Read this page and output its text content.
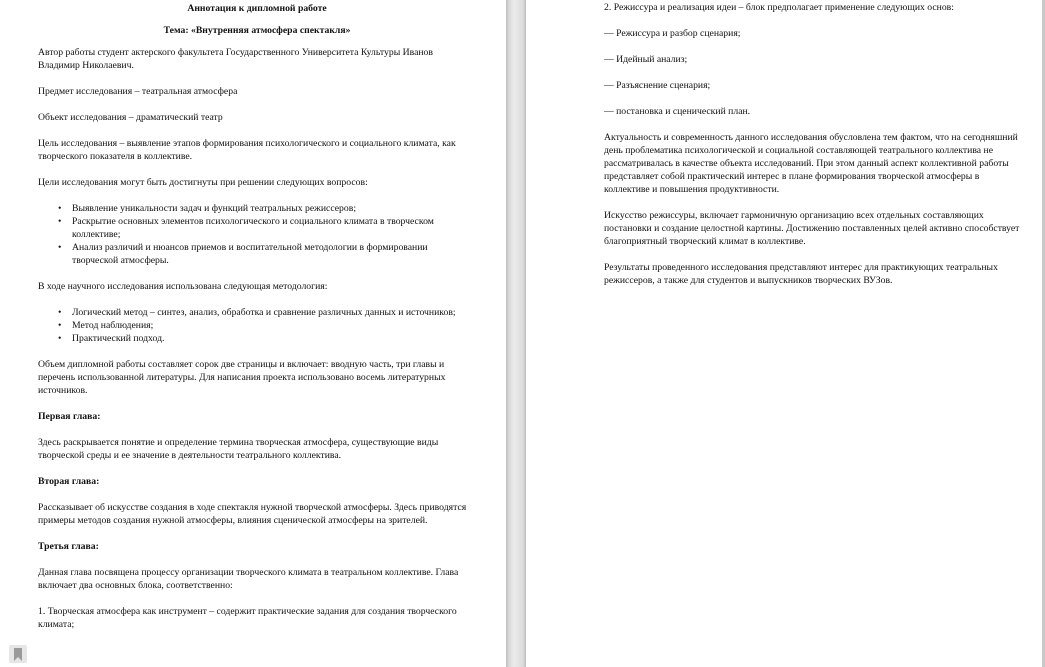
Аннотация к дипломной работе
Тема: «Внутренняя атмосфера спектакля»

Автор работы студент актерского факультета Государственного Университета Культуры Иванов Владимир Николаевич.

Предмет исследования – театральная атмосфера

Объект исследования – драматический театр

Цель исследования – выявление этапов формирования психологического и социального климата, как творческого показателя в коллективе.

Цели исследования могут быть достигнуты при решении следующих вопросов:

• Выявление уникальности задач и функций театральных режиссеров;
• Раскрытие основных элементов психологического и социального климата в творческом коллективе;
• Анализ различий и нюансов приемов и воспитательной методологии в формировании творческой атмосферы.

В ходе научного исследования использована следующая методология:

• Логический метод – синтез, анализ, обработка и сравнение различных данных и источников;
• Метод наблюдения;
• Практический подход.

Объем дипломной работы составляет сорок две страницы и включает: вводную часть, три главы и перечень использованной литературы. Для написания проекта использовано восемь литературных источников.

Первая глава:

Здесь раскрывается понятие и определение термина творческая атмосфера, существующие виды творческой среды и ее значение в деятельности театрального коллектива.

Вторая глава:

Рассказывает об искусстве создания в ходе спектакля нужной творческой атмосферы. Здесь приводятся примеры методов создания нужной атмосферы, влияния сценической атмосферы на зрителей.

Третья глава:

Данная глава посвящена процессу организации творческого климата в театральном коллективе. Глава включает два основных блока, соответственно:

1. Творческая атмосфера как инструмент – содержит практические задания для создания творческого климата;

2. Режиссура и реализация идеи – блок предполагает применение следующих основ:

— Режиссура и разбор сценария;

— Идейный анализ;

— Разъяснение сценария;

— постановка и сценический план.

Актуальность и современность данного исследования обусловлена тем фактом, что на сегодняшний день проблематика психологической и социальной составляющей театрального коллектива не рассматривалась в качестве объекта исследований. При этом данный аспект коллективной работы представляет собой практический интерес в плане формирования творческой атмосферы в коллективе и повышения продуктивности.

Искусство режиссуры, включает гармоничную организацию всех отдельных составляющих постановки и создание целостной картины. Достижению поставленных целей активно способствует благоприятный творческий климат в коллективе.

Результаты проведенного исследования представляют интерес для практикующих театральных режиссеров, а также для студентов и выпускников творческих ВУЗов.
